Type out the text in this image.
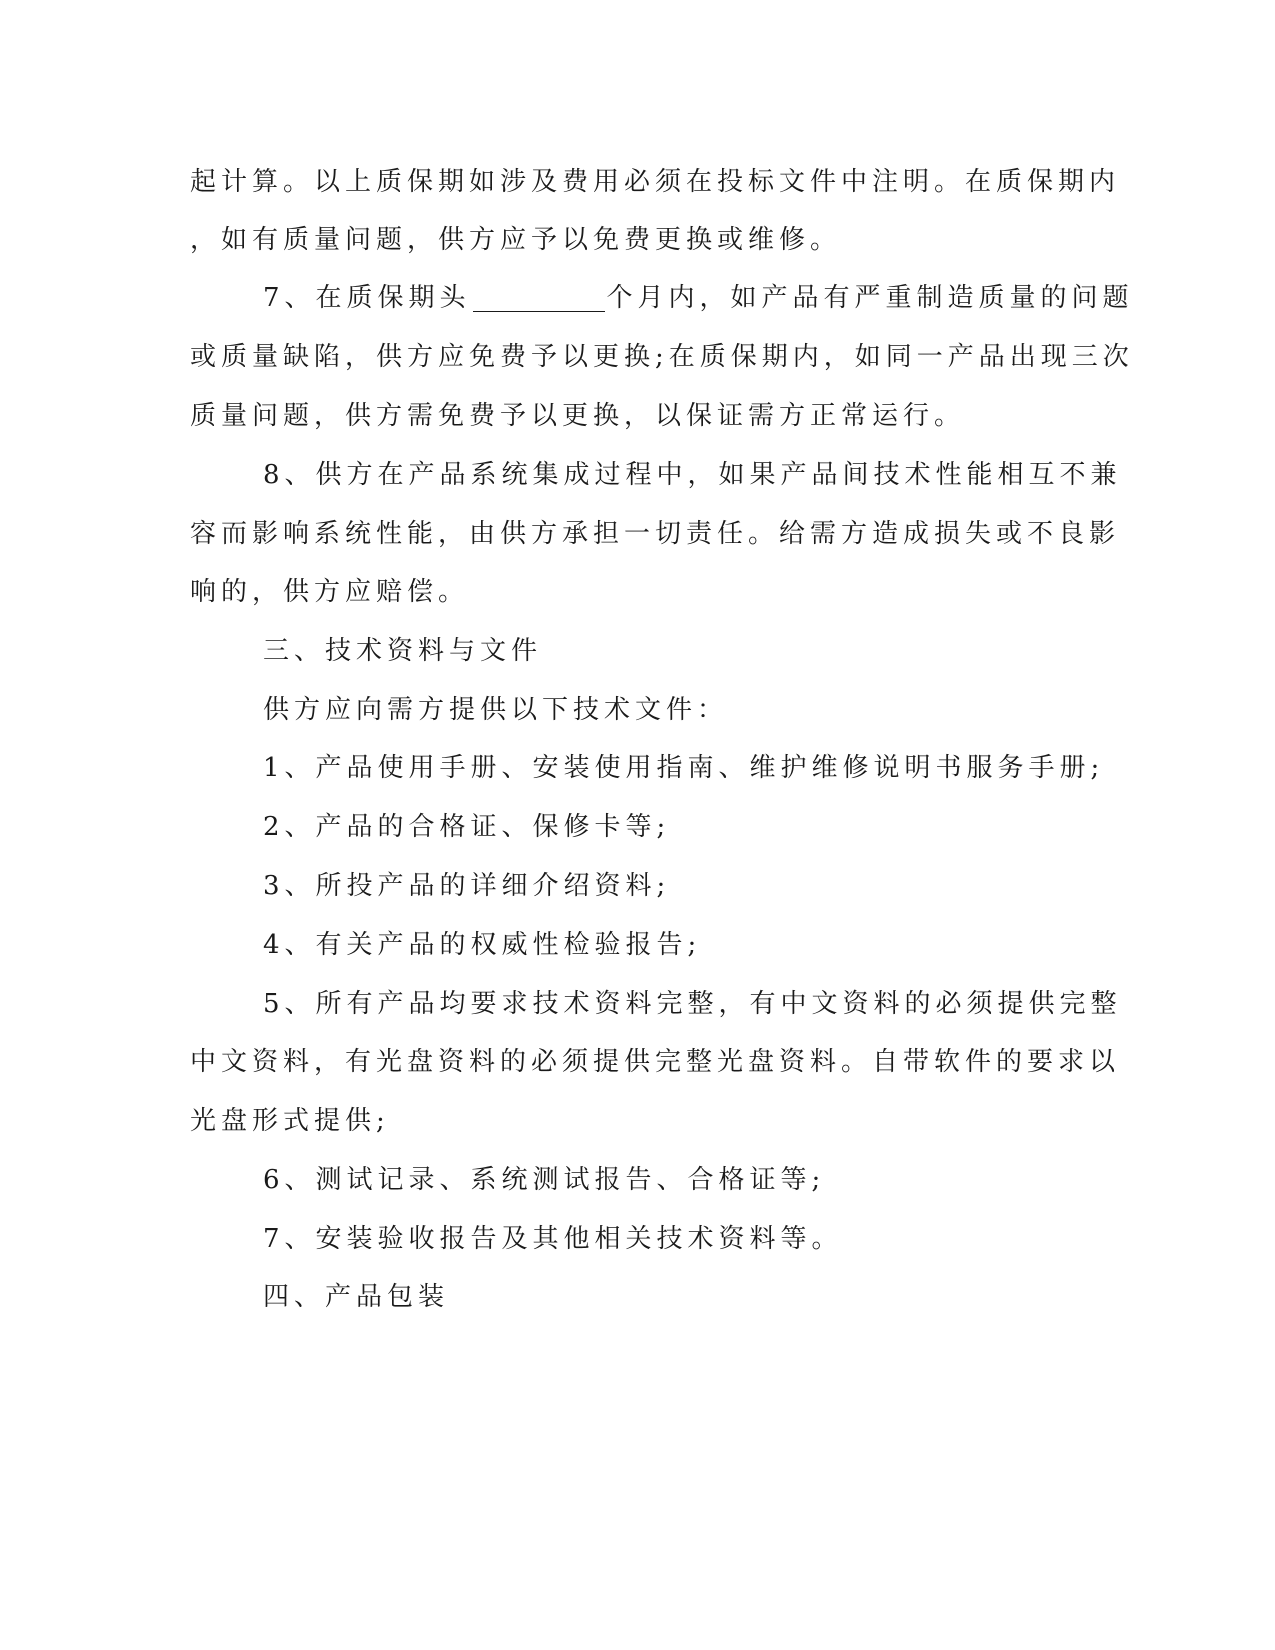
起计算。以上质保期如涉及费用必须在投标文件中注明。在质保期内
，如有质量问题，供方应予以免费更换或维修。
7、在质保期头	个月内，如产品有严重制造质量的问题
或质量缺陷，供方应免费予以更换;在质保期内，如同一产品出现三次
质量问题，供方需免费予以更换，以保证需方正常运行。
8、供方在产品系统集成过程中，如果产品间技术性能相互不兼
容而影响系统性能，由供方承担一切责任。给需方造成损失或不良影
响的，供方应赔偿。
三、技术资料与文件
供方应向需方提供以下技术文件：
1、产品使用手册、安装使用指南、维护维修说明书服务手册;
2、产品的合格证、保修卡等;
3、所投产品的详细介绍资料;
4、有关产品的权威性检验报告;
5、所有产品均要求技术资料完整，有中文资料的必须提供完整
中文资料，有光盘资料的必须提供完整光盘资料。自带软件的要求以
光盘形式提供;
6、测试记录、系统测试报告、合格证等;
7、安装验收报告及其他相关技术资料等。
四、产品包装
